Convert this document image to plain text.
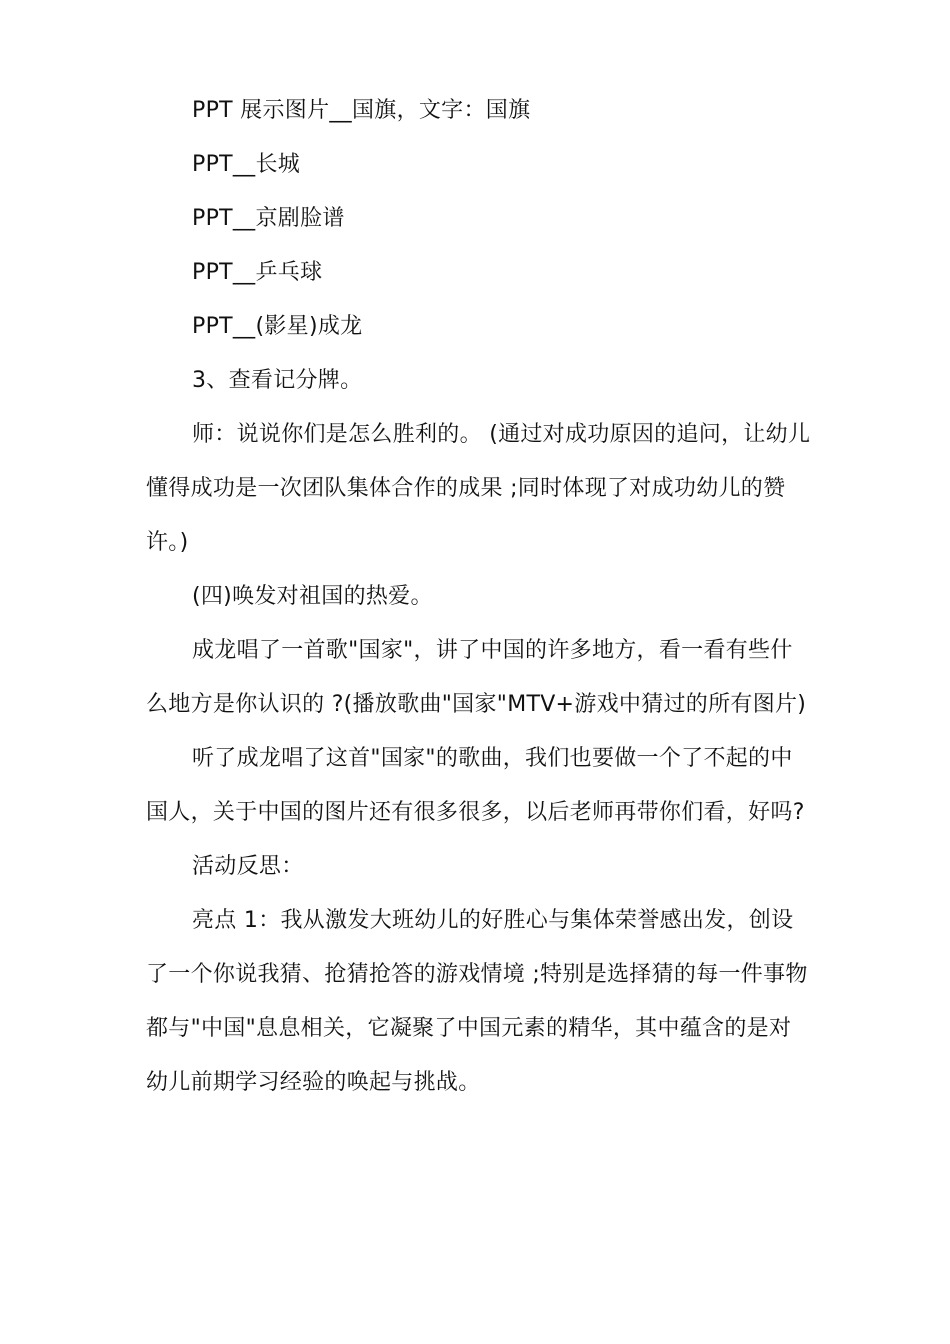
PPT 展示图片__国旗，文字：国旗

PPT__长城

PPT__京剧脸谱

PPT__乒乓球

PPT__(影星)成龙

3、查看记分牌。

师：说说你们是怎么胜利的。 (通过对成功原因的追问，让幼儿懂得成功是一次团队集体合作的成果 ;同时体现了对成功幼儿的赞许。)

(四)唤发对祖国的热爱。

成龙唱了一首歌"国家"，讲了中国的许多地方，看一看有些什么地方是你认识的 ?(播放歌曲"国家"MTV+游戏中猜过的所有图片)

听了成龙唱了这首"国家"的歌曲，我们也要做一个了不起的中国人，关于中国的图片还有很多很多，以后老师再带你们看，好吗?

活动反思：

亮点 1：我从激发大班幼儿的好胜心与集体荣誉感出发，创设了一个你说我猜、抢猜抢答的游戏情境 ;特别是选择猜的每一件事物都与"中国"息息相关，它凝聚了中国元素的精华，其中蕴含的是对幼儿前期学习经验的唤起与挑战。
